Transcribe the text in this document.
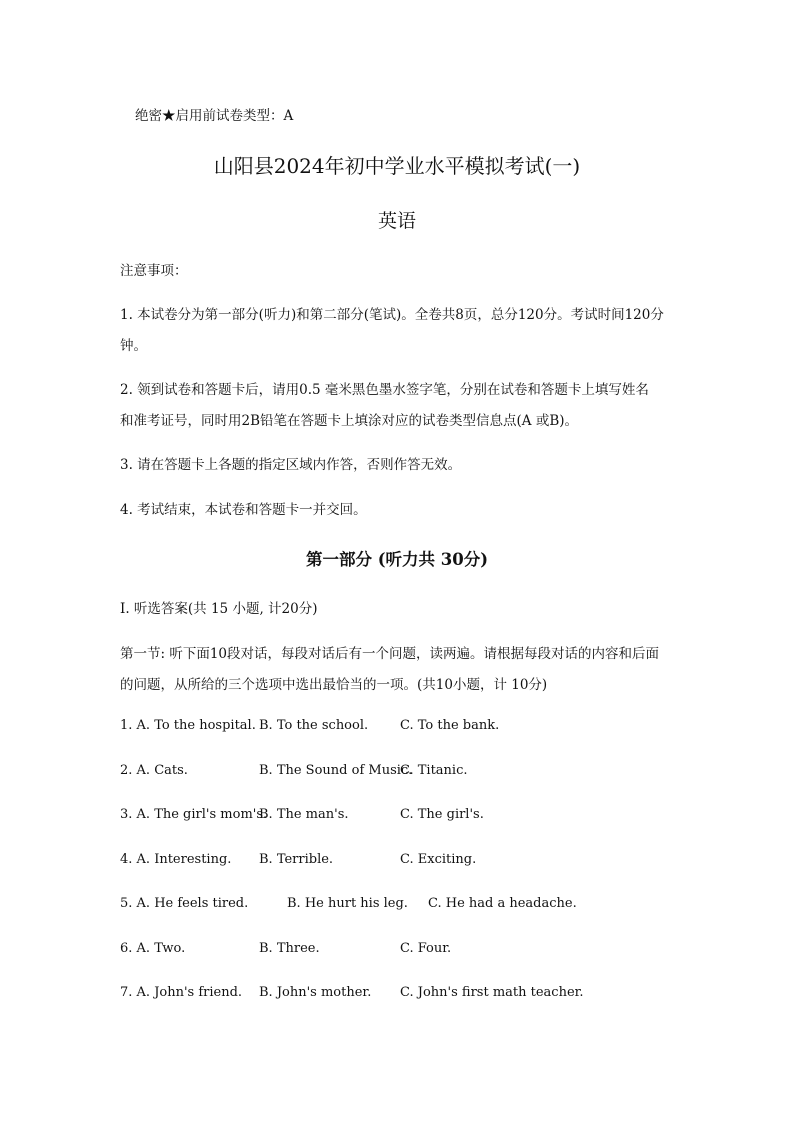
绝密★启用前试卷类型：A
山阳县2024年初中学业水平模拟考试(一)
英语
注意事项：
1. 本试卷分为第一部分(听力)和第二部分(笔试)。全卷共8页，总分120分。考试时间120分
钟。
2. 领到试卷和答题卡后，请用0.5 毫米黑色墨水签字笔，分别在试卷和答题卡上填写姓名
和准考证号，同时用2B铅笔在答题卡上填涂对应的试卷类型信息点(A 或B)。
3. 请在答题卡上各题的指定区域内作答，否则作答无效。
4. 考试结束，本试卷和答题卡一并交回。
第一部分 (听力共 30分)
Ⅰ. 听选答案(共 15 小题, 计20分)
第一节: 听下面10段对话，每段对话后有一个问题，读两遍。请根据每段对话的内容和后面
的问题，从所给的三个选项中选出最恰当的一项。(共10小题，计 10分)
1. A. To the hospital. B. To the school. C. To the bank.
2. A. Cats.	B. The Sound of Music.
C. Titanic.
3. A. The girl's mom's.
B. The man's.	C. The girl's.
4. A. Interesting. B. Terrible.	C. Exciting.
5. A. He feels tired.	B. He hurt his leg. C. He had a headache.
6. A. Two.	B. Three.	C. Four.
7. A. John's friend. B. John's mother. C. John's first math teacher.
